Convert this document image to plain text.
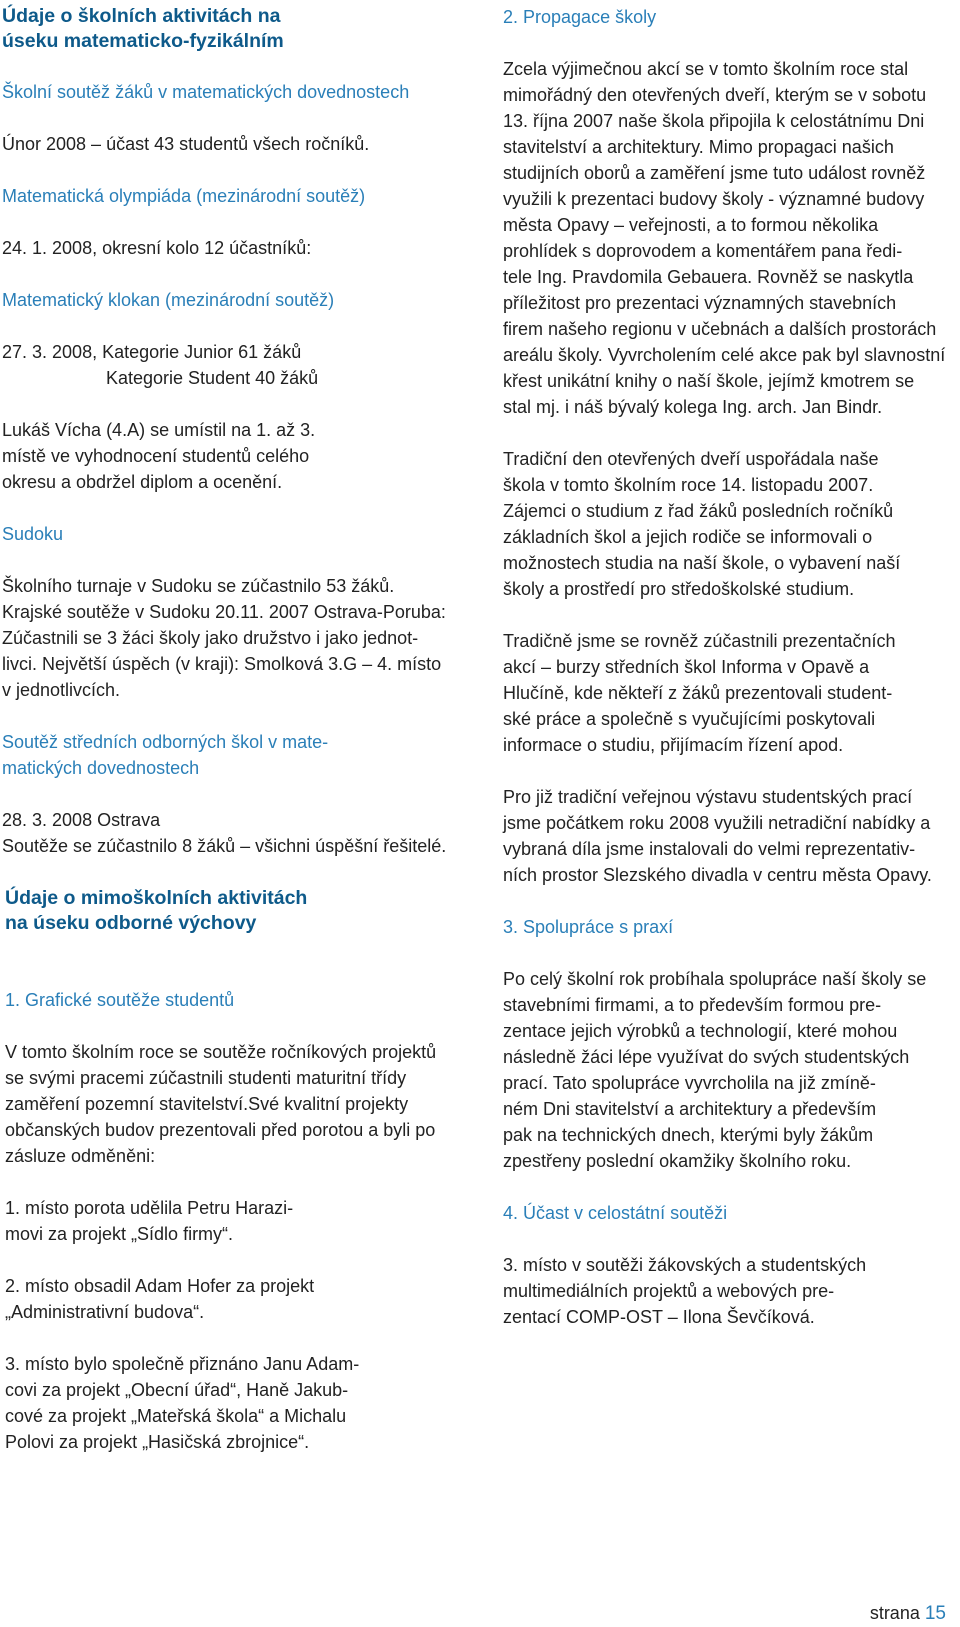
Údaje o školních aktivitách na

úseku matematicko-fyzikálním

Školní soutěž žáků v matematických dovednostech

Únor 2008 – účast 43 studentů všech ročníků.

Matematická olympiáda (mezinárodní soutěž)

24. 1. 2008, okresní kolo 12 účastníků:

Matematický klokan (mezinárodní soutěž)

27. 3. 2008, Kategorie Junior 61 žáků

Kategorie Student 40 žáků

Lukáš Vícha (4.A) se umístil na 1. až 3.

místě ve vyhodnocení studentů celého

okresu a obdržel diplom a ocenění.

Sudoku

Školního turnaje v Sudoku se zúčastnilo 53 žáků.

Krajské soutěže v Sudoku 20.11. 2007 Ostrava-Poruba:

Zúčastnili se 3 žáci školy jako družstvo i jako jednot-

livci. Největší úspěch (v kraji): Smolková 3.G – 4. místo

v jednotlivcích.

Soutěž středních odborných škol v mate-

matických dovednostech

28. 3. 2008 Ostrava

Soutěže se zúčastnilo 8 žáků – všichni úspěšní řešitelé.

Údaje o mimoškolních aktivitách

na úseku odborné výchovy

1. Grafické soutěže studentů

V tomto školním roce se soutěže ročníkových projektů

se svými pracemi zúčastnili studenti maturitní třídy

zaměření pozemní stavitelství.Své kvalitní projekty

občanských budov prezentovali před porotou a byli po

zásluze odměněni:

1. místo porota udělila Petru Harazi-

movi za projekt „Sídlo firmy“.

2. místo obsadil Adam Hofer za projekt

„Administrativní budova“.

3. místo bylo společně přiznáno Janu Adam-

covi za projekt „Obecní úřad“, Haně Jakub-

cové za projekt „Mateřská škola“ a Michalu

Polovi za projekt „Hasičská zbrojnice“.

2. Propagace školy

Zcela výjimečnou akcí se v tomto školním roce stal

mimořádný den otevřených dveří, kterým se v sobotu

13. října 2007 naše škola připojila k celostátnímu Dni

stavitelství a architektury. Mimo propagaci našich

studijních oborů a zaměření jsme tuto událost rovněž

využili k prezentaci budovy školy - významné budovy

města Opavy – veřejnosti, a to formou několika

prohlídek s doprovodem a komentářem pana ředi-

tele Ing. Pravdomila Gebauera. Rovněž se naskytla

příležitost pro prezentaci významných stavebních

firem našeho regionu v učebnách a dalších prostorách

areálu školy. Vyvrcholením celé akce pak byl slavnostní

křest unikátní knihy o naší škole, jejímž kmotrem se

stal mj. i náš bývalý kolega Ing. arch. Jan Bindr.

Tradiční den otevřených dveří uspořádala naše

škola v tomto školním roce 14. listopadu 2007.

Zájemci o studium z řad žáků posledních ročníků

základních škol a jejich rodiče se informovali o

možnostech studia na naší škole, o vybavení naší

školy a prostředí pro středoškolské studium.

Tradičně jsme se rovněž zúčastnili prezentačních

akcí – burzy středních škol Informa v Opavě a

Hlučíně, kde někteří z žáků prezentovali student-

ské práce a společně s vyučujícími poskytovali

informace o studiu, přijímacím řízení apod.

Pro již tradiční veřejnou výstavu studentských prací

jsme počátkem roku 2008 využili netradiční nabídky a

vybraná díla jsme instalovali do velmi reprezentativ-

ních prostor Slezského divadla v centru města Opavy.

3. Spolupráce s praxí

Po celý školní rok probíhala spolupráce naší školy se

stavebními firmami, a to především formou pre-

zentace jejich výrobků a technologií, které mohou

následně žáci lépe využívat do svých studentských

prací. Tato spolupráce vyvrcholila na již zmíně-

ném Dni stavitelství a architektury a především

pak na technických dnech, kterými byly žákům

zpestřeny poslední okamžiky školního roku.

4. Účast v celostátní soutěži

3. místo v soutěži žákovských a studentských

multimediálních projektů a webových pre-

zentací COMP-OST – Ilona Ševčíková.

strana 15
